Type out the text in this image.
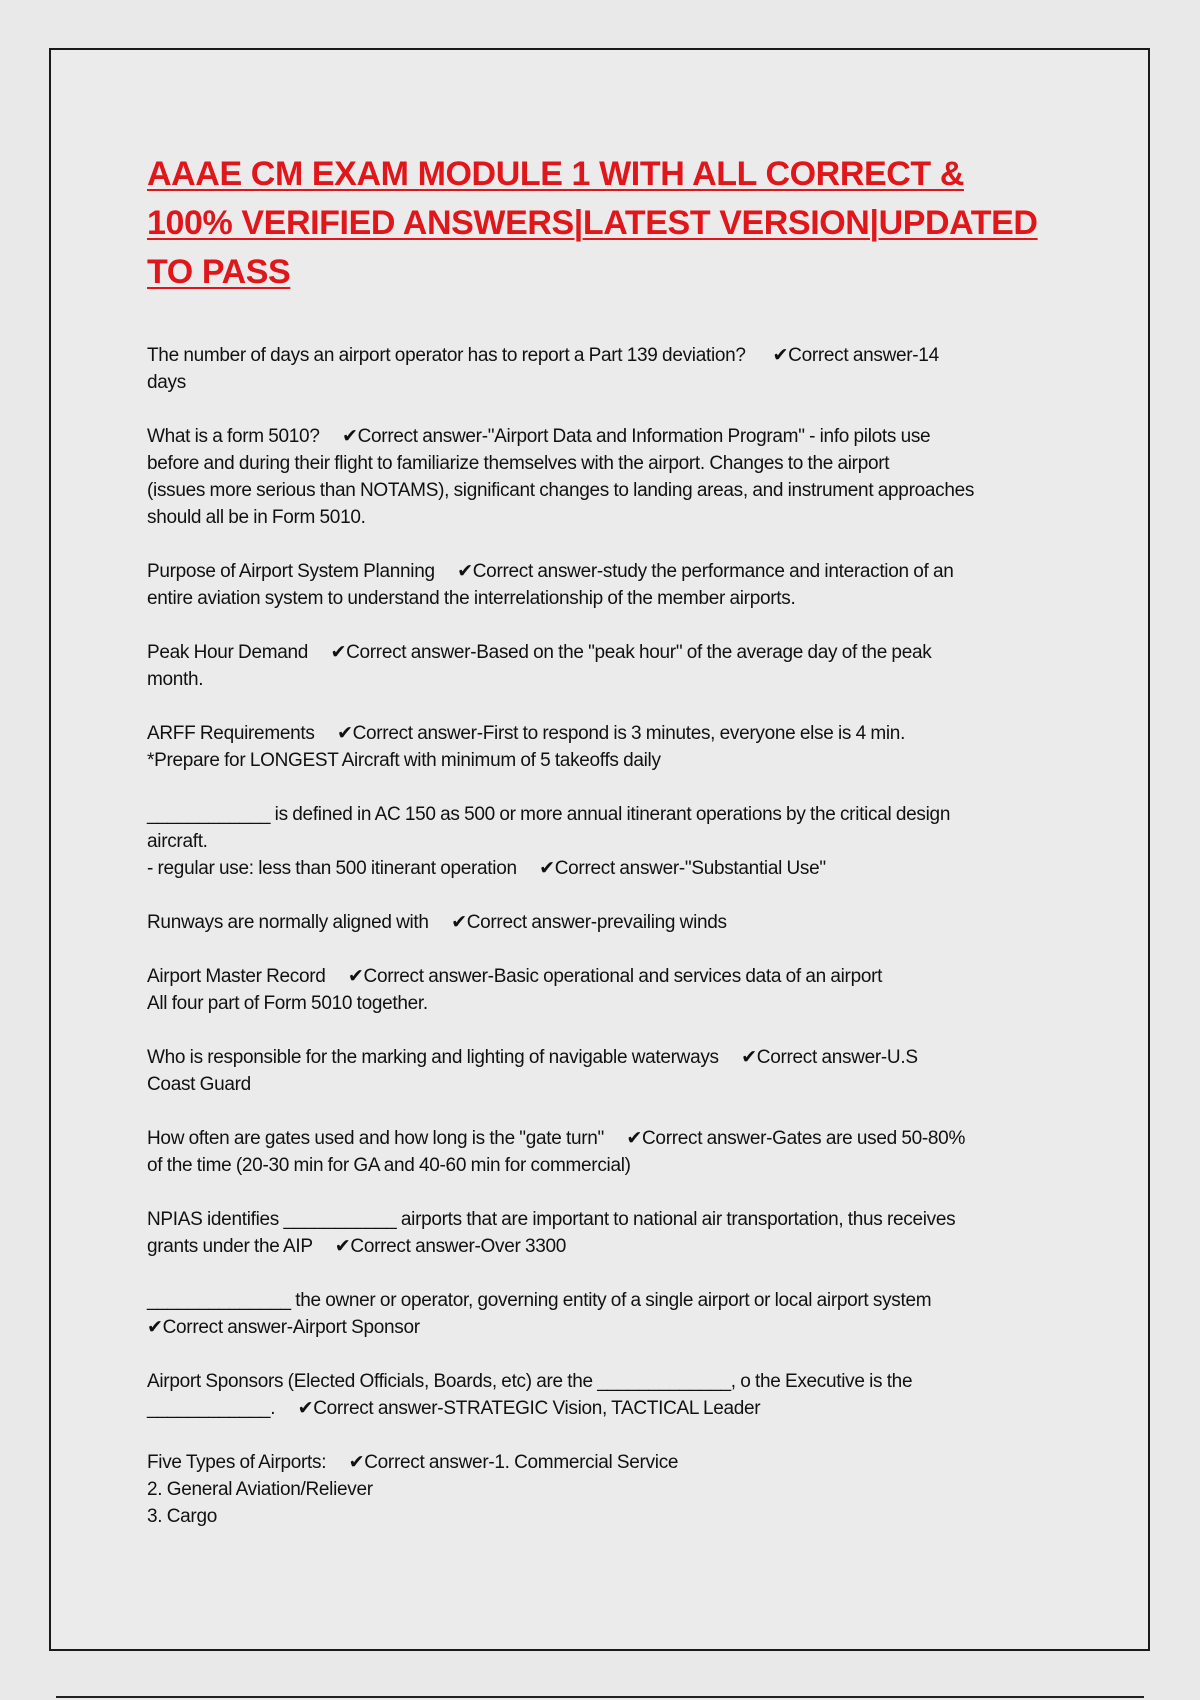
AAAE CM EXAM MODULE 1 WITH ALL CORRECT &
100% VERIFIED ANSWERS|LATEST VERSION|UPDATED
TO PASS
The number of days an airport operator has to report a Part 139 deviation?      ✔Correct answer-14
days
What is a form 5010?     ✔Correct answer-"Airport Data and Information Program" - info pilots use
before and during their flight to familiarize themselves with the airport. Changes to the airport
(issues more serious than NOTAMS), significant changes to landing areas, and instrument approaches
should all be in Form 5010.
Purpose of Airport System Planning     ✔Correct answer-study the performance and interaction of an
entire aviation system to understand the interrelationship of the member airports.
Peak Hour Demand     ✔Correct answer-Based on the "peak hour" of the average day of the peak
month.
ARFF Requirements     ✔Correct answer-First to respond is 3 minutes, everyone else is 4 min.
*Prepare for LONGEST Aircraft with minimum of 5 takeoffs daily
____________ is defined in AC 150 as 500 or more annual itinerant operations by the critical design
aircraft.
- regular use: less than 500 itinerant operation     ✔Correct answer-"Substantial Use"
Runways are normally aligned with     ✔Correct answer-prevailing winds
Airport Master Record     ✔Correct answer-Basic operational and services data of an airport
All four part of Form 5010 together.
Who is responsible for the marking and lighting of navigable waterways     ✔Correct answer-U.S
Coast Guard
How often are gates used and how long is the "gate turn"     ✔Correct answer-Gates are used 50-80%
of the time (20-30 min for GA and 40-60 min for commercial)
NPIAS identifies ___________ airports that are important to national air transportation, thus receives
grants under the AIP     ✔Correct answer-Over 3300
______________ the owner or operator, governing entity of a single airport or local airport system
✔Correct answer-Airport Sponsor
Airport Sponsors (Elected Officials, Boards, etc) are the _____________, o the Executive is the
____________.     ✔Correct answer-STRATEGIC Vision, TACTICAL Leader
Five Types of Airports:     ✔Correct answer-1. Commercial Service
2. General Aviation/Reliever
3. Cargo
